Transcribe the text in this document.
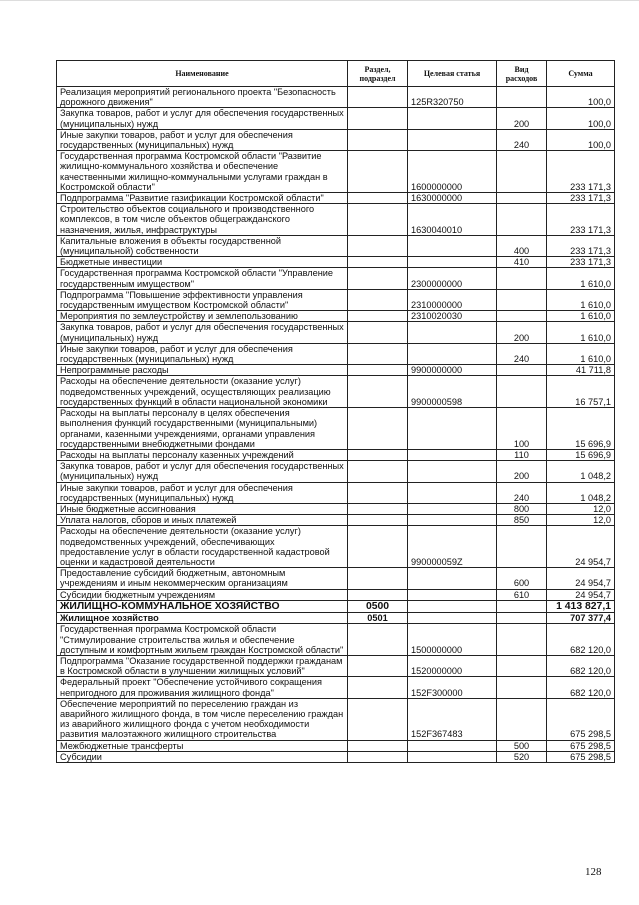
Наименование	Раздел, подраздел	Целевая статья	Вид расходов	Сумма
Реализация мероприятий регионального проекта "Безопасность дорожного движения"		125R320750		100,0
Закупка товаров, работ и услуг для обеспечения государственных (муниципальных) нужд			200	100,0
Иные закупки товаров, работ и услуг для обеспечения государственных (муниципальных) нужд			240	100,0
Государственная программа Костромской области "Развитие жилищно-коммунального хозяйства и обеспечение качественными жилищно-коммунальными услугами граждан в Костромской области"		1600000000		233 171,3
Подпрограмма "Развитие газификации Костромской области"		1630000000		233 171,3
Строительство объектов социального и производственного комплексов, в том числе объектов общегражданского назначения, жилья, инфраструктуры		1630040010		233 171,3
Капитальные вложения в объекты государственной (муниципальной) собственности			400	233 171,3
Бюджетные инвестиции			410	233 171,3
Государственная программа Костромской области "Управление государственным имуществом"		2300000000		1 610,0
Подпрограмма "Повышение эффективности управления государственным имуществом Костромской области"		2310000000		1 610,0
Мероприятия по землеустройству и землепользованию		2310020030		1 610,0
Закупка товаров, работ и услуг для обеспечения государственных (муниципальных) нужд			200	1 610,0
Иные закупки товаров, работ и услуг для обеспечения государственных (муниципальных) нужд			240	1 610,0
Непрограммные расходы		9900000000		41 711,8
Расходы на обеспечение деятельности (оказание услуг) подведомственных учреждений, осуществляющих реализацию государственных функций в области национальной экономики		9900000598		16 757,1
Расходы на выплаты персоналу в целях обеспечения выполнения функций государственными (муниципальными) органами, казенными учреждениями, органами управления государственными внебюджетными фондами			100	15 696,9
Расходы на выплаты персоналу казенных учреждений			110	15 696,9
Закупка товаров, работ и услуг для обеспечения государственных (муниципальных) нужд			200	1 048,2
Иные закупки товаров, работ и услуг для обеспечения государственных (муниципальных) нужд			240	1 048,2
Иные бюджетные ассигнования			800	12,0
Уплата налогов, сборов и иных платежей			850	12,0
Расходы на обеспечение деятельности (оказание услуг) подведомственных учреждений, обеспечивающих предоставление услуг в области государственной кадастровой оценки и кадастровой деятельности		990000059Z		24 954,7
Предоставление субсидий бюджетным, автономным учреждениям и иным некоммерческим организациям			600	24 954,7
Субсидии бюджетным учреждениям			610	24 954,7
ЖИЛИЩНО-КОММУНАЛЬНОЕ ХОЗЯЙСТВО	0500			1 413 827,1
Жилищное хозяйство	0501			707 377,4
Государственная программа Костромской области "Стимулирование строительства жилья и обеспечение доступным и комфортным жильем граждан Костромской области"		1500000000		682 120,0
Подпрограмма "Оказание государственной поддержки гражданам в Костромской области в улучшении жилищных условий"		1520000000		682 120,0
Федеральный проект "Обеспечение устойчивого сокращения непригодного для проживания жилищного фонда"		152F300000		682 120,0
Обеспечение мероприятий по переселению граждан из аварийного жилищного фонда, в том числе переселению граждан из аварийного жилищного фонда с учетом необходимости развития малоэтажного жилищного строительства		152F367483		675 298,5
Межбюджетные трансферты			500	675 298,5
Субсидии			520	675 298,5
128
